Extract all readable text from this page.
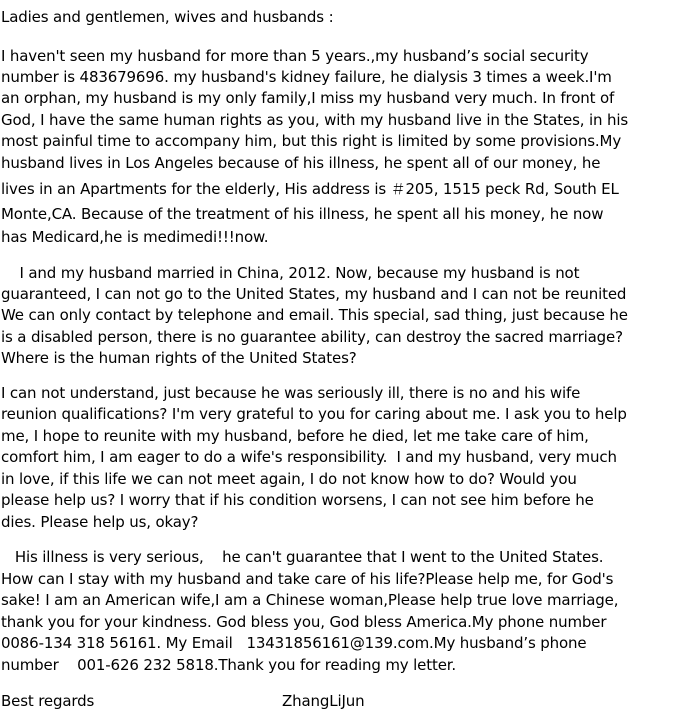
Ladies and gentlemen, wives and husbands :
I haven't seen my husband for more than 5 years.,my husband’s social security
number is 483679696. my husband's kidney failure, he dialysis 3 times a week.I'm
an orphan, my husband is my only family,I miss my husband very much. In front of
God, I have the same human rights as you, with my husband live in the States, in his
most painful time to accompany him, but this right is limited by some provisions.My
husband lives in Los Angeles because of his illness, he spent all of our money, he
lives in an Apartments for the elderly, His address is ＃205, 1515 peck Rd, South EL
Monte,CA. Because of the treatment of his illness, he spent all his money, he now
has Medicard,he is medimedi!!!now.
I and my husband married in China, 2012. Now, because my husband is not
guaranteed, I can not go to the United States, my husband and I can not be reunited
We can only contact by telephone and email. This special, sad thing, just because he
is a disabled person, there is no guarantee ability, can destroy the sacred marriage?
Where is the human rights of the United States?
I can not understand, just because he was seriously ill, there is no and his wife
reunion qualifications? I'm very grateful to you for caring about me. I ask you to help
me, I hope to reunite with my husband, before he died, let me take care of him,
comfort him, I am eager to do a wife's responsibility.  I and my husband, very much
in love, if this life we can not meet again, I do not know how to do? Would you
please help us? I worry that if his condition worsens, I can not see him before he
dies. Please help us, okay?
His illness is very serious,    he can't guarantee that I went to the United States.
How can I stay with my husband and take care of his life?Please help me, for God's
sake! I am an American wife,I am a Chinese woman,Please help true love marriage,
thank you for your kindness. God bless you, God bless America.My phone number
0086-134 318 56161. My Email   13431856161@139.com.My husband’s phone
number    001-626 232 5818.Thank you for reading my letter.
Best regards	ZhangLiJun
